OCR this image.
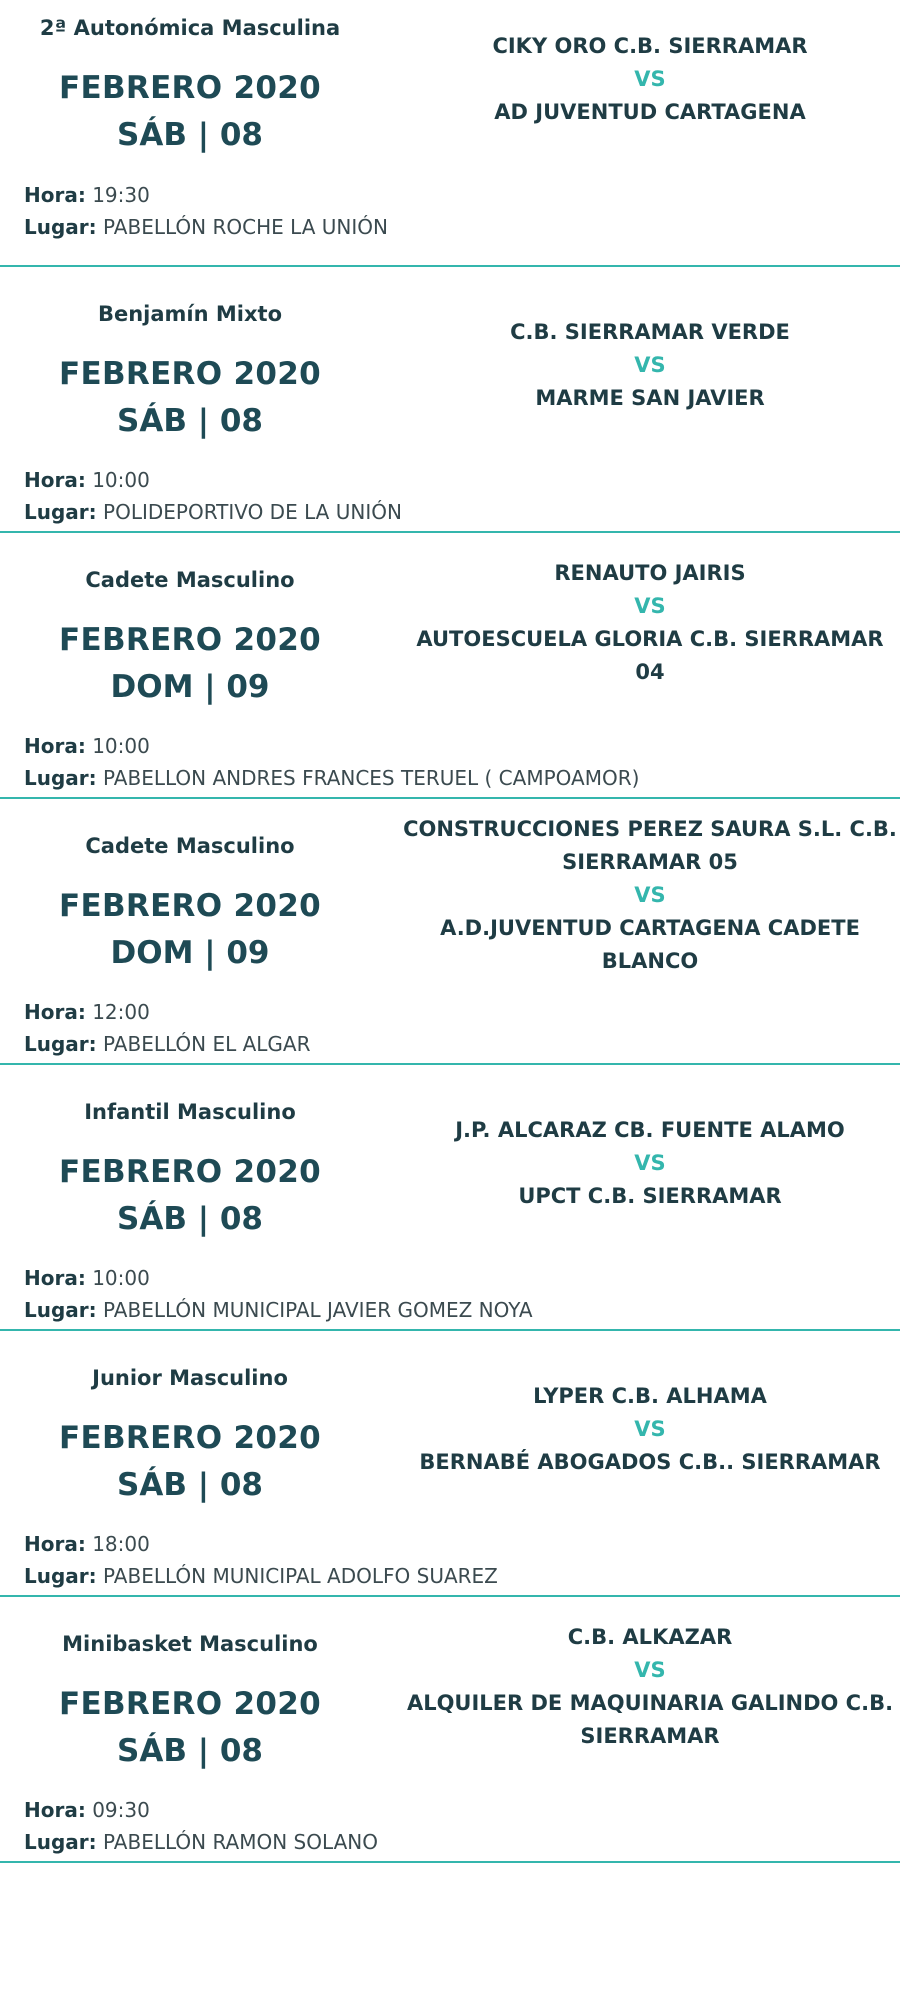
2ª Autonómica Masculina
FEBRERO 2020
SÁB | 08
Hora: 19:30
Lugar: PABELLÓN ROCHE LA UNIÓN
CIKY ORO C.B. SIERRAMAR
VS
AD JUVENTUD CARTAGENA
Benjamín Mixto
FEBRERO 2020
SÁB | 08
Hora: 10:00
Lugar: POLIDEPORTIVO DE LA UNIÓN
C.B. SIERRAMAR VERDE
VS
MARME SAN JAVIER
Cadete Masculino
FEBRERO 2020
DOM | 09
Hora: 10:00
Lugar: PABELLON ANDRES FRANCES TERUEL ( CAMPOAMOR)
RENAUTO JAIRIS
VS
AUTOESCUELA GLORIA C.B. SIERRAMAR 04
Cadete Masculino
FEBRERO 2020
DOM | 09
Hora: 12:00
Lugar: PABELLÓN EL ALGAR
CONSTRUCCIONES PEREZ SAURA S.L. C.B. SIERRAMAR 05
VS
A.D.JUVENTUD CARTAGENA CADETE BLANCO
Infantil Masculino
FEBRERO 2020
SÁB | 08
Hora: 10:00
Lugar: PABELLÓN MUNICIPAL JAVIER GOMEZ NOYA
J.P. ALCARAZ CB. FUENTE ALAMO
VS
UPCT C.B. SIERRAMAR
Junior Masculino
FEBRERO 2020
SÁB | 08
Hora: 18:00
Lugar: PABELLÓN MUNICIPAL ADOLFO SUAREZ
LYPER C.B. ALHAMA
VS
BERNABÉ ABOGADOS C.B.. SIERRAMAR
Minibasket Masculino
FEBRERO 2020
SÁB | 08
Hora: 09:30
Lugar: PABELLÓN RAMON SOLANO
C.B. ALKAZAR
VS
ALQUILER DE MAQUINARIA GALINDO C.B. SIERRAMAR
